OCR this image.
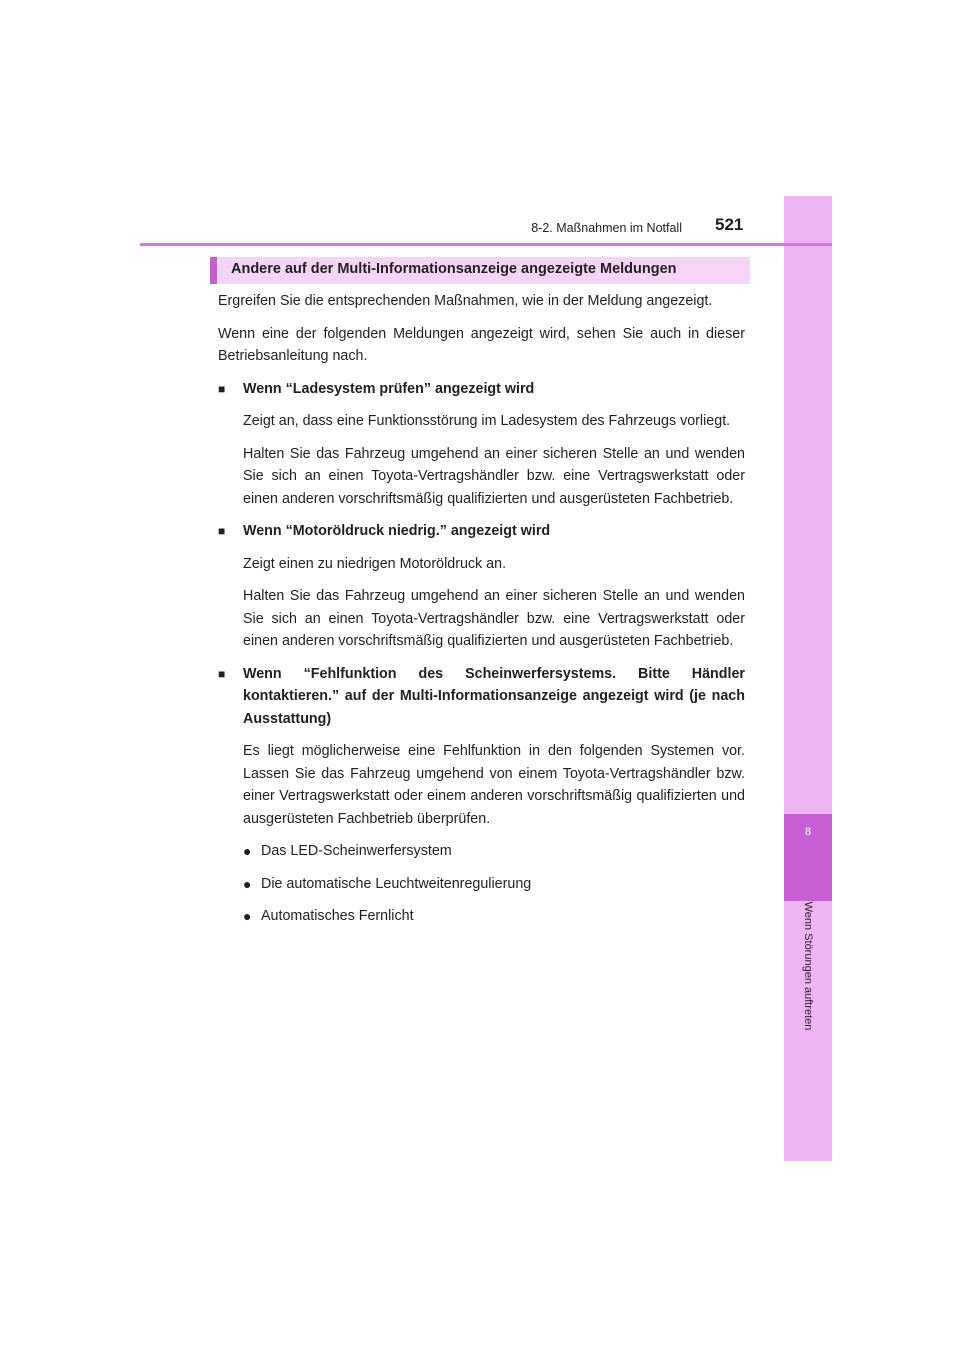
8
Wenn Störungen auftreten
8-2. Maßnahmen im Notfall 521
Andere auf der Multi-Informationsanzeige angezeigte Meldungen

Ergreifen Sie die entsprechenden Maßnahmen, wie in der Meldung angezeigt.

Wenn eine der folgenden Meldungen angezeigt wird, sehen Sie auch in dieser Betriebsanleitung nach.

■	Wenn “Ladesystem prüfen” angezeigt wird

Zeigt an, dass eine Funktionsstörung im Ladesystem des Fahrzeugs vorliegt.

Halten Sie das Fahrzeug umgehend an einer sicheren Stelle an und wenden Sie sich an einen Toyota-Vertragshändler bzw. eine Vertragswerkstatt oder einen anderen vorschriftsmäßig qualifizierten und ausgerüsteten Fachbetrieb.

■	Wenn “Motoröldruck niedrig.” angezeigt wird

Zeigt einen zu niedrigen Motoröldruck an.

Halten Sie das Fahrzeug umgehend an einer sicheren Stelle an und wenden Sie sich an einen Toyota-Vertragshändler bzw. eine Vertragswerkstatt oder einen anderen vorschriftsmäßig qualifizierten und ausgerüsteten Fachbetrieb.

■	Wenn “Fehlfunktion des Scheinwerfersystems. Bitte Händler kontaktieren.” auf der Multi-Informationsanzeige angezeigt wird (je nach Ausstattung)

Es liegt möglicherweise eine Fehlfunktion in den folgenden Systemen vor. Lassen Sie das Fahrzeug umgehend von einem Toyota-Vertragshändler bzw. einer Vertragswerkstatt oder einem anderen vorschriftsmäßig qualifizierten und ausgerüsteten Fachbetrieb überprüfen.

● Das LED-Scheinwerfersystem
● Die automatische Leuchtweitenregulierung
● Automatisches Fernlicht
